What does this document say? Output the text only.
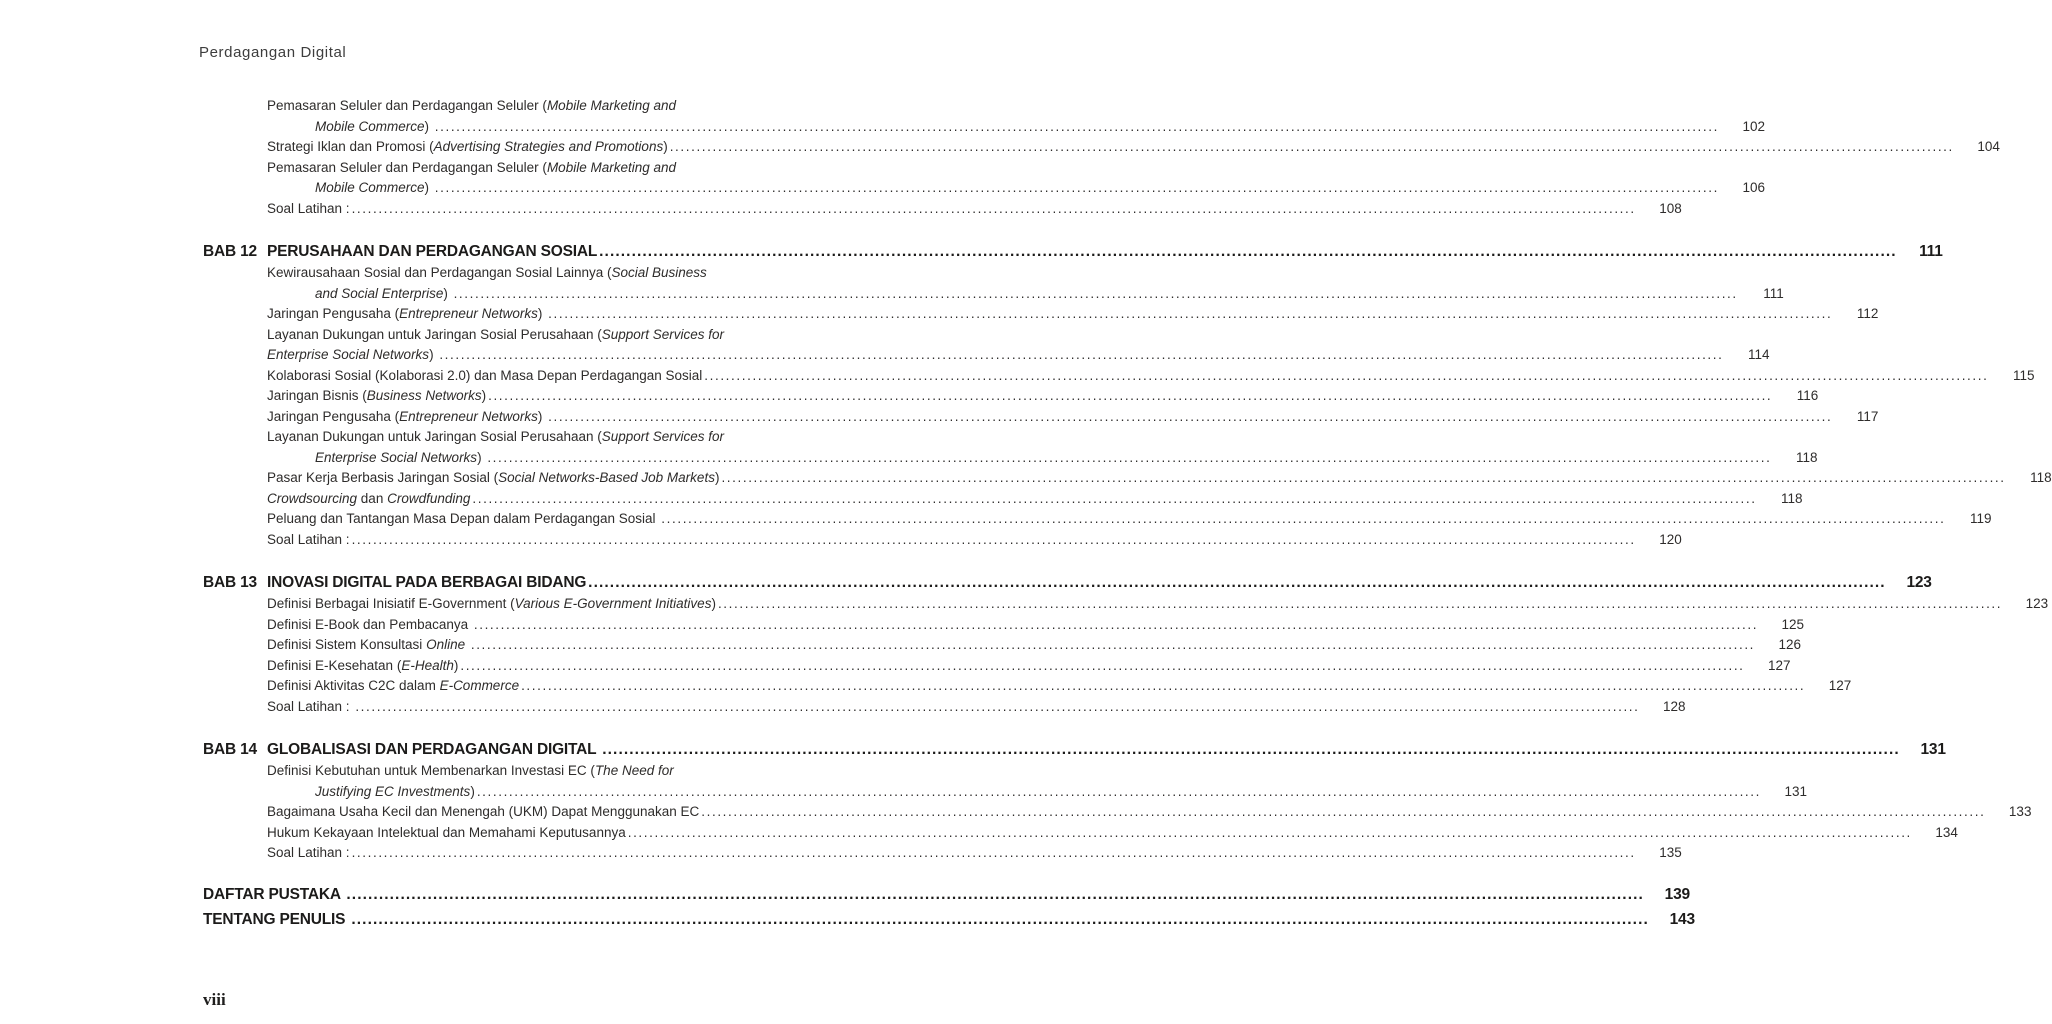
Perdagangan Digital
Pemasaran Seluler dan Perdagangan Seluler (Mobile Marketing and
Mobile Commerce) ................................................................................................................................................................................................................................................	102
Strategi Iklan dan Promosi (Advertising Strategies and Promotions) ................................................................................................................................................................................................................................................	104
Pemasaran Seluler dan Perdagangan Seluler (Mobile Marketing and
Mobile Commerce) ................................................................................................................................................................................................................................................	106
Soal Latihan : ................................................................................................................................................................................................................................................	108
BAB 12 PERUSAHAAN DAN PERDAGANGAN SOSIAL ................................................................................................................................................................................................................................................	111
Kewirausahaan Sosial dan Perdagangan Sosial Lainnya (Social Business
and Social Enterprise) ................................................................................................................................................................................................................................................	111
Jaringan Pengusaha (Entrepreneur Networks) ................................................................................................................................................................................................................................................	112
Layanan Dukungan untuk Jaringan Sosial Perusahaan (Support Services for
Enterprise Social Networks) ................................................................................................................................................................................................................................................	114
Kolaborasi Sosial (Kolaborasi 2.0) dan Masa Depan Perdagangan Sosial ................................................................................................................................................................................................................................................	115
Jaringan Bisnis (Business Networks) ................................................................................................................................................................................................................................................	116
Jaringan Pengusaha (Entrepreneur Networks) ................................................................................................................................................................................................................................................	117
Layanan Dukungan untuk Jaringan Sosial Perusahaan (Support Services for
Enterprise Social Networks) ................................................................................................................................................................................................................................................	118
Pasar Kerja Berbasis Jaringan Sosial (Social Networks-Based Job Markets) ................................................................................................................................................................................................................................................	118
Crowdsourcing dan Crowdfunding ................................................................................................................................................................................................................................................	118
Peluang dan Tantangan Masa Depan dalam Perdagangan Sosial ................................................................................................................................................................................................................................................	119
Soal Latihan : ................................................................................................................................................................................................................................................	120
BAB 13 INOVASI DIGITAL PADA BERBAGAI BIDANG ................................................................................................................................................................................................................................................	123
Definisi Berbagai Inisiatif E-Government (Various E-Government Initiatives) ................................................................................................................................................................................................................................................	123
Definisi E-Book dan Pembacanya ................................................................................................................................................................................................................................................	125
Definisi Sistem Konsultasi Online ................................................................................................................................................................................................................................................	126
Definisi E-Kesehatan (E-Health) ................................................................................................................................................................................................................................................	127
Definisi Aktivitas C2C dalam E-Commerce ................................................................................................................................................................................................................................................	127
Soal Latihan : ................................................................................................................................................................................................................................................	128
BAB 14 GLOBALISASI DAN PERDAGANGAN DIGITAL ................................................................................................................................................................................................................................................	131
Definisi Kebutuhan untuk Membenarkan Investasi EC (The Need for
Justifying EC Investments) ................................................................................................................................................................................................................................................	131
Bagaimana Usaha Kecil dan Menengah (UKM) Dapat Menggunakan EC ................................................................................................................................................................................................................................................	133
Hukum Kekayaan Intelektual dan Memahami Keputusannya ................................................................................................................................................................................................................................................	134
Soal Latihan : ................................................................................................................................................................................................................................................	135
DAFTAR PUSTAKA ................................................................................................................................................................................................................................................	139
TENTANG PENULIS ................................................................................................................................................................................................................................................	143
viii
